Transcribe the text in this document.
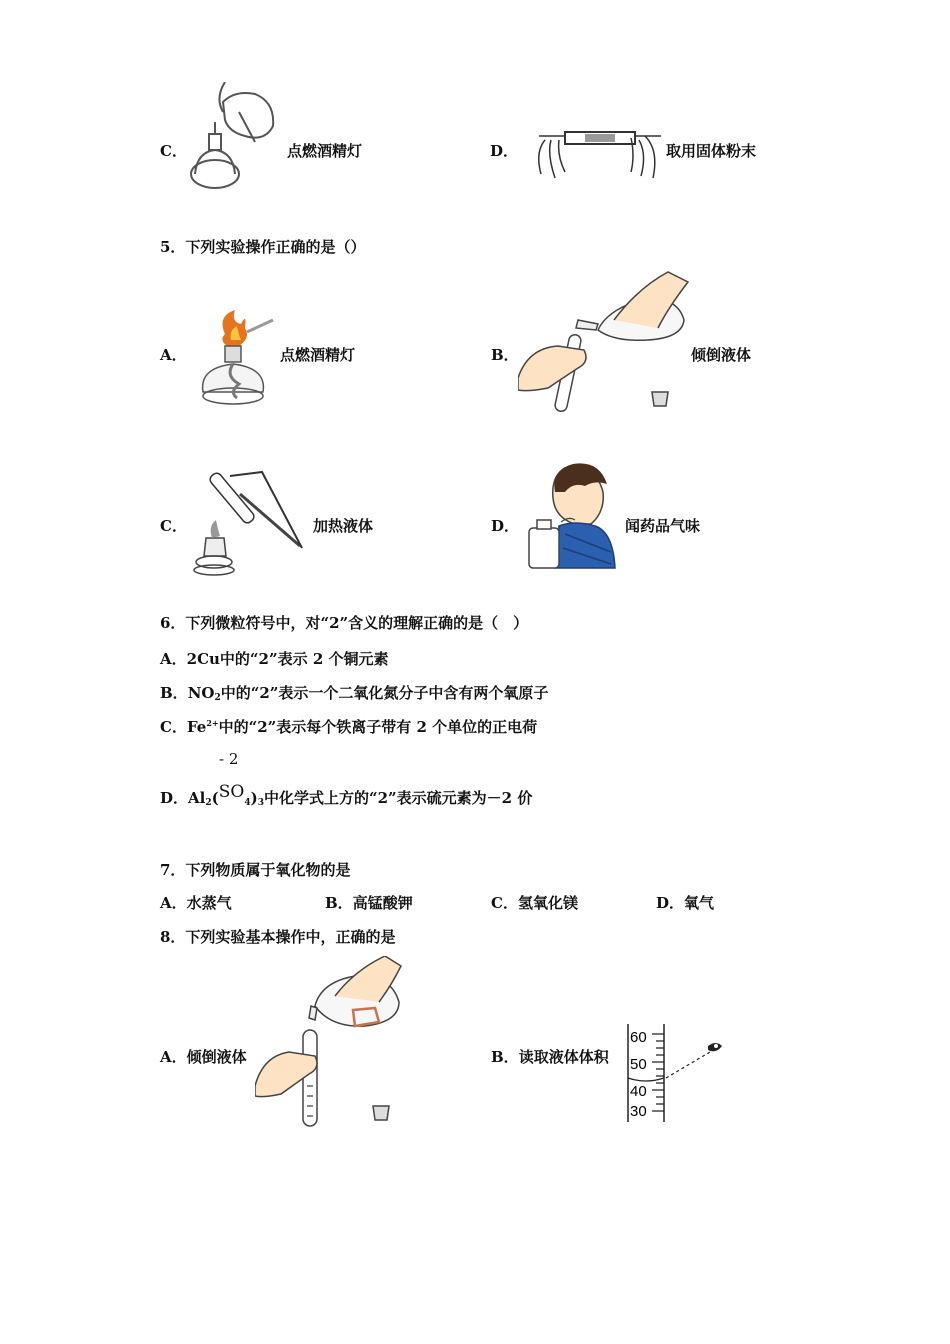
C．	点燃酒精灯	D．	取用固体粉末
5．下列实验操作正确的是（）
A．	点燃酒精灯	B．	倾倒液体
C．	加热液体	D．	闻药品气味
6．下列微粒符号中，对“2”含义的理解正确的是（　）
A．2Cu中的“2”表示 2 个铜元素
B．$NO_2$中的“2”表示一个二氧化氮分子中含有两个氧原子
C．$Fe^{2+}$中的“2”表示每个铁离子带有 2 个单位的正电荷
- 2
D．$Al_2(SO_4)_3$中化学式上方的“2”表示硫元素为－2 价
7．下列物质属于氧化物的是
A．水蒸气	B．高锰酸钾	C．氢氧化镁	D．氧气
8．下列实验基本操作中，正确的是
A．倾倒液体	B．读取液体体积
60
50
40
30
